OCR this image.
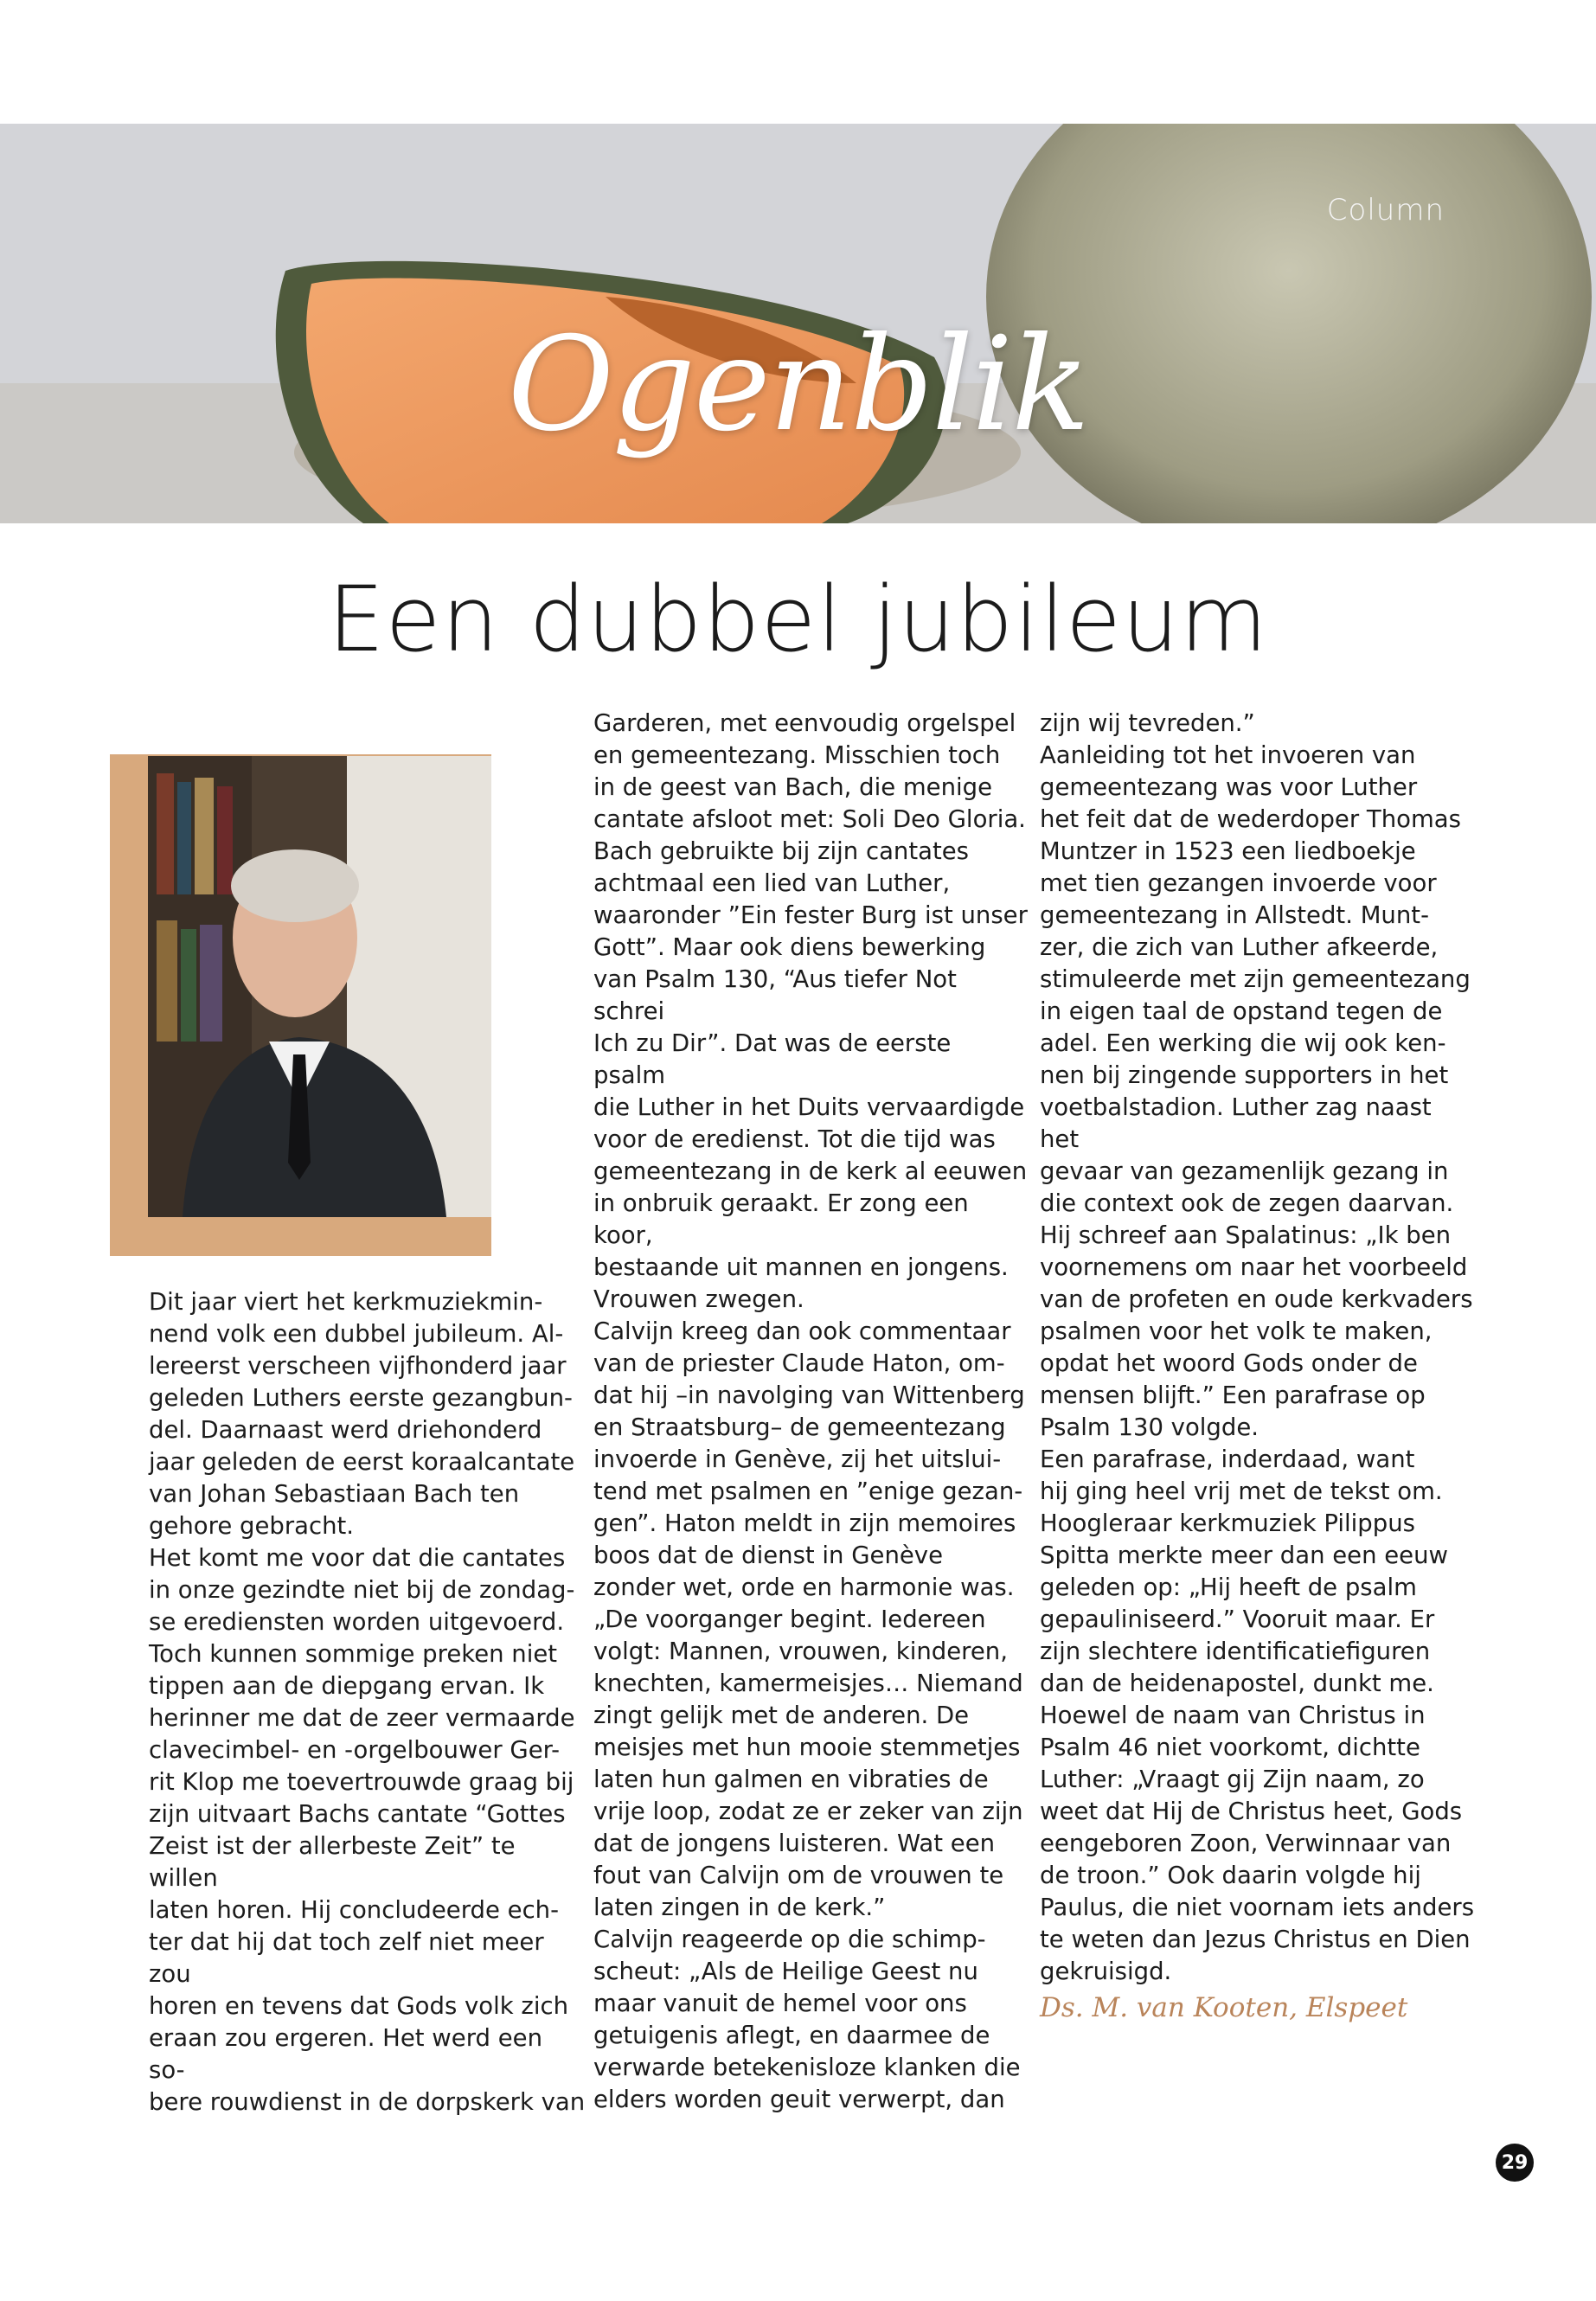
Column
Ogenblik
Een dubbel jubileum
Dit jaar viert het kerkmuziekmin-
nend volk een dubbel jubileum. Al-
lereerst verscheen vijfhonderd jaar
geleden Luthers eerste gezangbun-
del. Daarnaast werd driehonderd
jaar geleden de eerst koraalcantate
van Johan Sebastiaan Bach ten
gehore gebracht.
Het komt me voor dat die cantates
in onze gezindte niet bij de zondag-
se erediensten worden uitgevoerd.
Toch kunnen sommige preken niet
tippen aan de diepgang ervan. Ik
herinner me dat de zeer vermaarde
clavecimbel- en -orgelbouwer Ger-
rit Klop me toevertrouwde graag bij
zijn uitvaart Bachs cantate “Gottes
Zeist ist der allerbeste Zeit” te willen
laten horen. Hij concludeerde ech-
ter dat hij dat toch zelf niet meer zou
horen en tevens dat Gods volk zich
eraan zou ergeren. Het werd een so-
bere rouwdienst in de dorpskerk van
Garderen, met eenvoudig orgelspel
en gemeentezang. Misschien toch
in de geest van Bach, die menige
cantate afsloot met: Soli Deo Gloria.
Bach gebruikte bij zijn cantates
achtmaal een lied van Luther,
waaronder ”Ein fester Burg ist unser
Gott”. Maar ook diens bewerking
van Psalm 130, “Aus tiefer Not schrei
Ich zu Dir”. Dat was de eerste psalm
die Luther in het Duits vervaardigde
voor de eredienst. Tot die tijd was
gemeentezang in de kerk al eeuwen
in onbruik geraakt. Er zong een koor,
bestaande uit mannen en jongens.
Vrouwen zwegen.
Calvijn kreeg dan ook commentaar
van de priester Claude Haton, om-
dat hij –in navolging van Wittenberg
en Straatsburg– de gemeentezang
invoerde in Genève, zij het uitslui-
tend met psalmen en ”enige gezan-
gen”. Haton meldt in zijn memoires
boos dat de dienst in Genève
zonder wet, orde en harmonie was.
„De voorganger begint. Iedereen
volgt: Mannen, vrouwen, kinderen,
knechten, kamermeisjes… Niemand
zingt gelijk met de anderen. De
meisjes met hun mooie stemmetjes
laten hun galmen en vibraties de
vrije loop, zodat ze er zeker van zijn
dat de jongens luisteren. Wat een
fout van Calvijn om de vrouwen te
laten zingen in de kerk.”
Calvijn reageerde op die schimp-
scheut: „Als de Heilige Geest nu
maar vanuit de hemel voor ons
getuigenis aflegt, en daarmee de
verwarde betekenisloze klanken die
elders worden geuit verwerpt, dan
zijn wij tevreden.”
Aanleiding tot het invoeren van
gemeentezang was voor Luther
het feit dat de wederdoper Thomas
Muntzer in 1523 een liedboekje
met tien gezangen invoerde voor
gemeentezang in Allstedt. Munt-
zer, die zich van Luther afkeerde,
stimuleerde met zijn gemeentezang
in eigen taal de opstand tegen de
adel. Een werking die wij ook ken-
nen bij zingende supporters in het
voetbalstadion. Luther zag naast het
gevaar van gezamenlijk gezang in
die context ook de zegen daarvan.
Hij schreef aan Spalatinus: „Ik ben
voornemens om naar het voorbeeld
van de profeten en oude kerkvaders
psalmen voor het volk te maken,
opdat het woord Gods onder de
mensen blijft.” Een parafrase op
Psalm 130 volgde.
Een parafrase, inderdaad, want
hij ging heel vrij met de tekst om.
Hoogleraar kerkmuziek Pilippus
Spitta merkte meer dan een eeuw
geleden op: „Hij heeft de psalm
gepauliniseerd.” Vooruit maar. Er
zijn slechtere identificatiefiguren
dan de heidenapostel, dunkt me.
Hoewel de naam van Christus in
Psalm 46 niet voorkomt, dichtte
Luther: „Vraagt gij Zijn naam, zo
weet dat Hij de Christus heet, Gods
eengeboren Zoon, Verwinnaar van
de troon.” Ook daarin volgde hij
Paulus, die niet voornam iets anders
te weten dan Jezus Christus en Dien
gekruisigd.
Ds. M. van Kooten, Elspeet
29
